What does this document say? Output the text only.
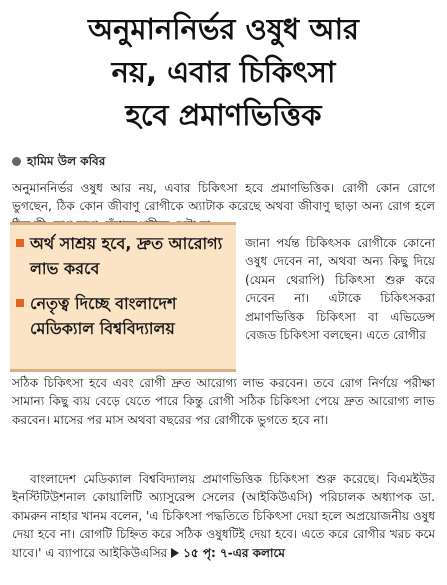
অনুমাননির্ভর ওষুধ আর
নয়, এবার চিকিৎসা
হবে প্রমাণভিত্তিক
হামিম উল কবির
অনুমাননির্ভর ওষুধ আর নয়, এবার চিকিৎসা হবে প্রমাণভিত্তিক। রোগী কোন রোগে ভুগছেন, ঠিক কোন জীবাণু রোগীকে অ্যাটাক করেছে অথবা জীবাণু ছাড়া অন্য রোগ হলে
অর্থ সাশ্রয় হবে, দ্রুত আরোগ্য লাভ করবে
নেতৃত্ব দিচ্ছে বাংলাদেশ মেডিক্যাল বিশ্ববিদ্যালয়
জানা পর্যন্ত চিকিৎসক রোগীকে কোনো ওষুধ দেবেন না, অথবা অন্য কিছু দিয়ে (যেমন থেরাপি) চিকিৎসা শুরু করে দেবেন না। এটাকে চিকিৎসকরা প্রমাণভিত্তিক চিকিৎসা বা এভিডেন্স বেজড চিকিৎসা বলছেন। এতে রোগীর
সঠিক চিকিৎসা হবে এবং রোগী দ্রুত আরোগ্য লাভ করবেন। তবে রোগ নির্ণয়ে পরীক্ষা সামান্য কিছু ব্যয় বেড়ে যেতে পারে কিন্তু রোগী সঠিক চিকিৎসা পেয়ে দ্রুত আরোগ্য লাভ করবেন। মাসের পর মাস অথবা বছরের পর রোগীকে ভুগতে হবে না।
বাংলাদেশ মেডিক্যাল বিশ্ববিদ্যালয় প্রমাণভিত্তিক চিকিৎসা শুরু করেছে। বিএমইউর ইনস্টিটিউশনাল কোয়ালিটি অ্যাসুরেন্স সেলের (আইকিউএসি) পরিচালক অধ্যাপক ডা. কামরুন নাহার খানম বলেন, 'এ চিকিৎসা পদ্ধতিতে চিকিৎসা দেয়া হলে অপ্রয়োজনীয় ওষুধ দেয়া হবে না। রোগটি চিহ্নিত করে সঠিক ওষুধটিই দেয়া হবে। এতে করে রোগীর খরচ কমে যাবে।' এ ব্যাপারে আইকিউএসির ১৫ পৃ: ৭-এর কলামে
